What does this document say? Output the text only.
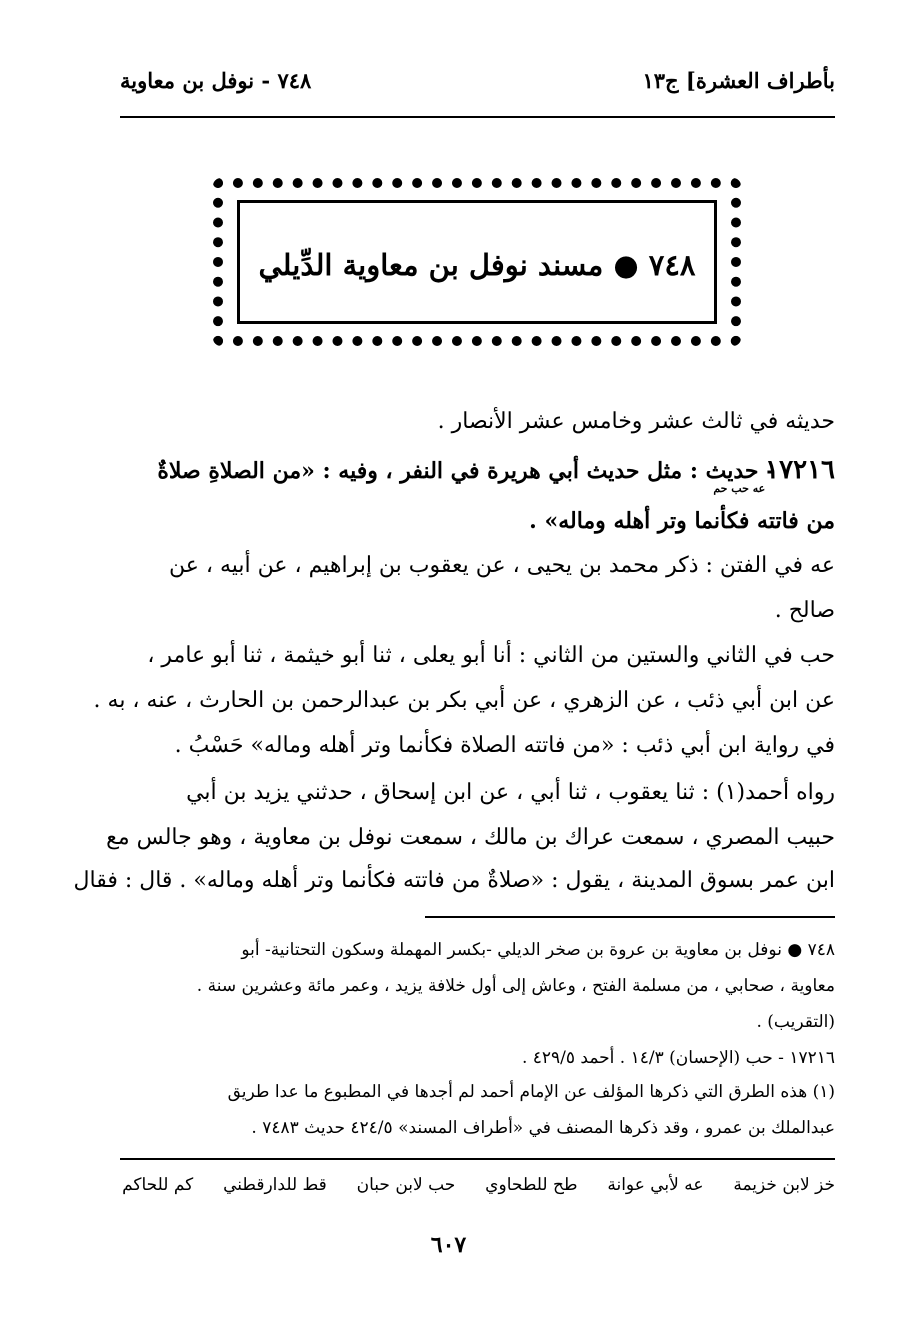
بأطراف العشرة] ج١٣
٧٤٨ - نوفل بن معاوية
٧٤٨ ● مسند نوفل بن معاوية الدِّيلي
حديثه في ثالث عشر وخامس عشر الأنصار .
$١٧٢١٦_{عه حب حم}-$ حديث : مثل حديث أبي هريرة في النفر ، وفيه : «من الصلاةِ صلاةٌ
من فاتته فكأنما وتر أهله وماله» .
عه في الفتن : ذكر محمد بن يحيى ، عن يعقوب بن إبراهيم ، عن أبيه ، عن
صالح .
حب في الثاني والستين من الثاني : أنا أبو يعلى ، ثنا أبو خيثمة ، ثنا أبو عامر ،
عن ابن أبي ذئب ، عن الزهري ، عن أبي بكر بن عبدالرحمن بن الحارث ، عنه ، به .
في رواية ابن أبي ذئب : «من فاتته الصلاة فكأنما وتر أهله وماله» حَسْبُ .
رواه أحمد(١) : ثنا يعقوب ، ثنا أبي ، عن ابن إسحاق ، حدثني يزيد بن أبي
حبيب المصري ، سمعت عراك بن مالك ، سمعت نوفل بن معاوية ، وهو جالس مع
ابن عمر بسوق المدينة ، يقول : «صلاةٌ من فاتته فكأنما وتر أهله وماله» . قال : فقال
٧٤٨ ● نوفل بن معاوية بن عروة بن صخر الديلي -بكسر المهملة وسكون التحتانية- أبو
معاوية ، صحابي ، من مسلمة الفتح ، وعاش إلى أول خلافة يزيد ، وعمر مائة وعشرين سنة .
(التقريب) .
١٧٢١٦ - حب (الإحسان) ١٤/٣ . أحمد ٤٢٩/٥ .
(١) هذه الطرق التي ذكرها المؤلف عن الإمام أحمد لم أجدها في المطبوع ما عدا طريق
عبدالملك بن عمرو ، وقد ذكرها المصنف في «أطراف المسند» ٤٢٤/٥ حديث ٧٤٨٣ .
خز لابن خزيمة
عه لأبي عوانة
طح للطحاوي
حب لابن حبان
قط للدارقطني
كم للحاكم
٦٠٧
